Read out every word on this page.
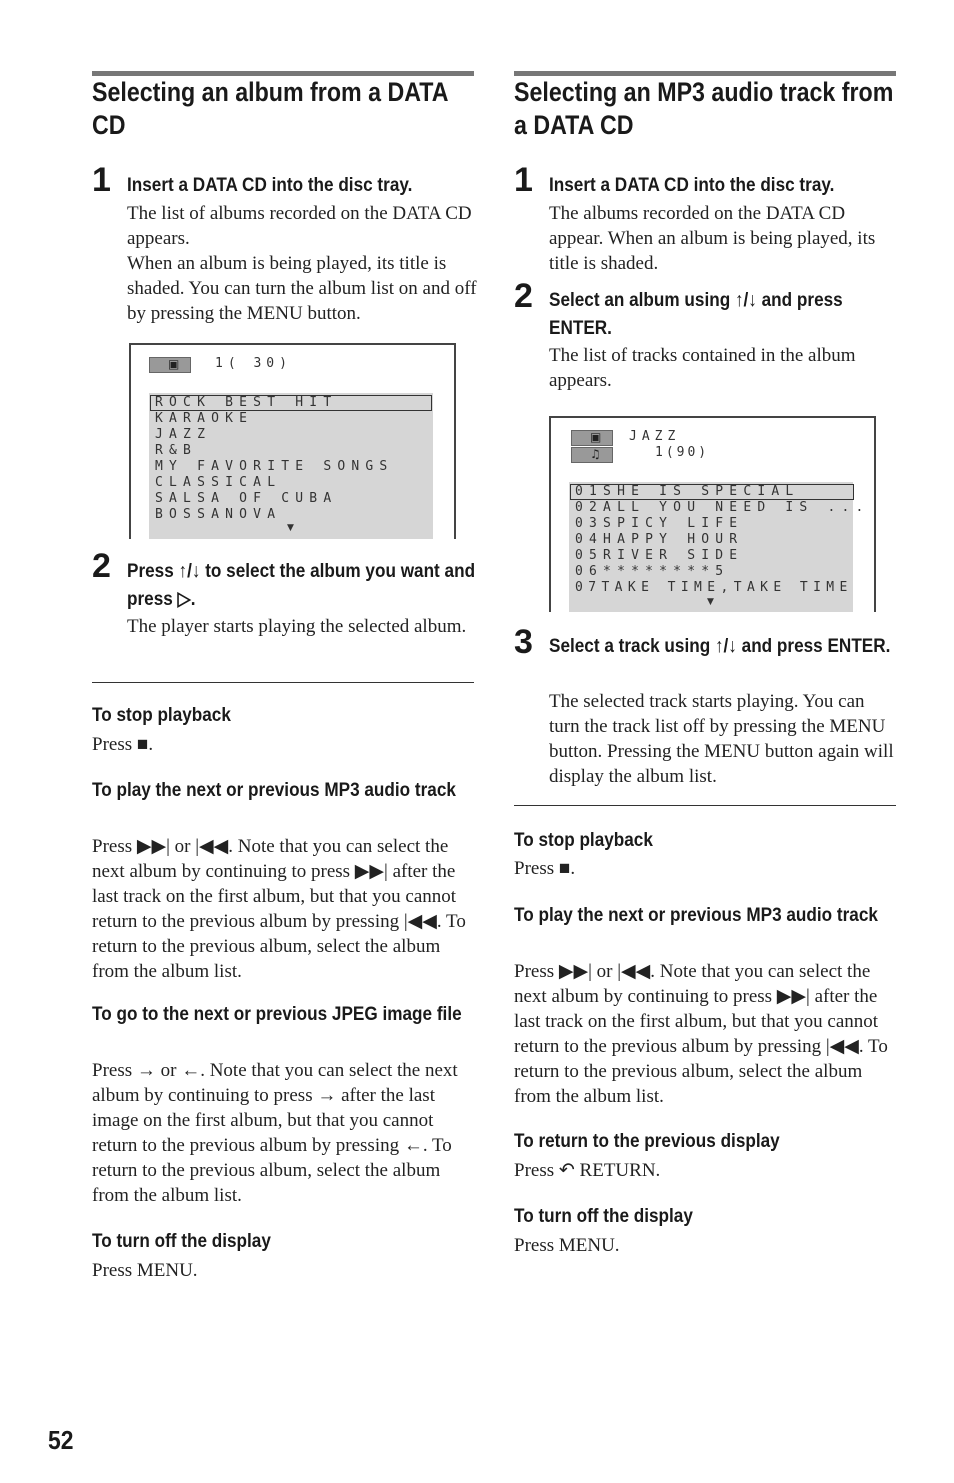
Selecting an album from a DATA CD
1 Insert a DATA CD into the disc tray.
The list of albums recorded on the DATA CD appears.
When an album is being played, its title is shaded. You can turn the album list on and off by pressing the MENU button.
▣	1( 30)
ROCK BEST HIT
KARAOKE
JAZZ
R&B
MY FAVORITE SONGS
CLASSICAL
SALSA OF CUBA
BOSSANOVA
▼
2 Press ↑/↓ to select the album you want and press ▷.
The player starts playing the selected album.
To stop playback
Press ■.
To play the next or previous MP3 audio track
Press ▶▶| or |◀◀. Note that you can select the next album by continuing to press ▶▶| after the last track on the first album, but that you cannot return to the previous album by pressing |◀◀. To return to the previous album, select the album from the album list.
To go to the next or previous JPEG image file
Press → or ←. Note that you can select the next album by continuing to press → after the last image on the first album, but that you cannot return to the previous album by pressing ←. To return to the previous album, select the album from the album list.
To turn off the display
Press MENU.
Selecting an MP3 audio track from a DATA CD
1 Insert a DATA CD into the disc tray.
The albums recorded on the DATA CD appear. When an album is being played, its title is shaded.
2 Select an album using ↑/↓ and press ENTER.
The list of tracks contained in the album appears.
▣
♫
JAZZ
1(90)
01SHE IS SPECIAL
02ALL YOU NEED IS ...
03SPICY LIFE
04HAPPY HOUR
05RIVER SIDE
06********5
07TAKE TIME,TAKE TIME
▼
3 Select a track using ↑/↓ and press ENTER.
The selected track starts playing. You can turn the track list off by pressing the MENU button. Pressing the MENU button again will display the album list.
To stop playback
Press ■.
To play the next or previous MP3 audio track
Press ▶▶| or |◀◀. Note that you can select the next album by continuing to press ▶▶| after the last track on the first album, but that you cannot return to the previous album by pressing |◀◀. To return to the previous album, select the album from the album list.
To return to the previous display
Press ↶ RETURN.
To turn off the display
Press MENU.
52
